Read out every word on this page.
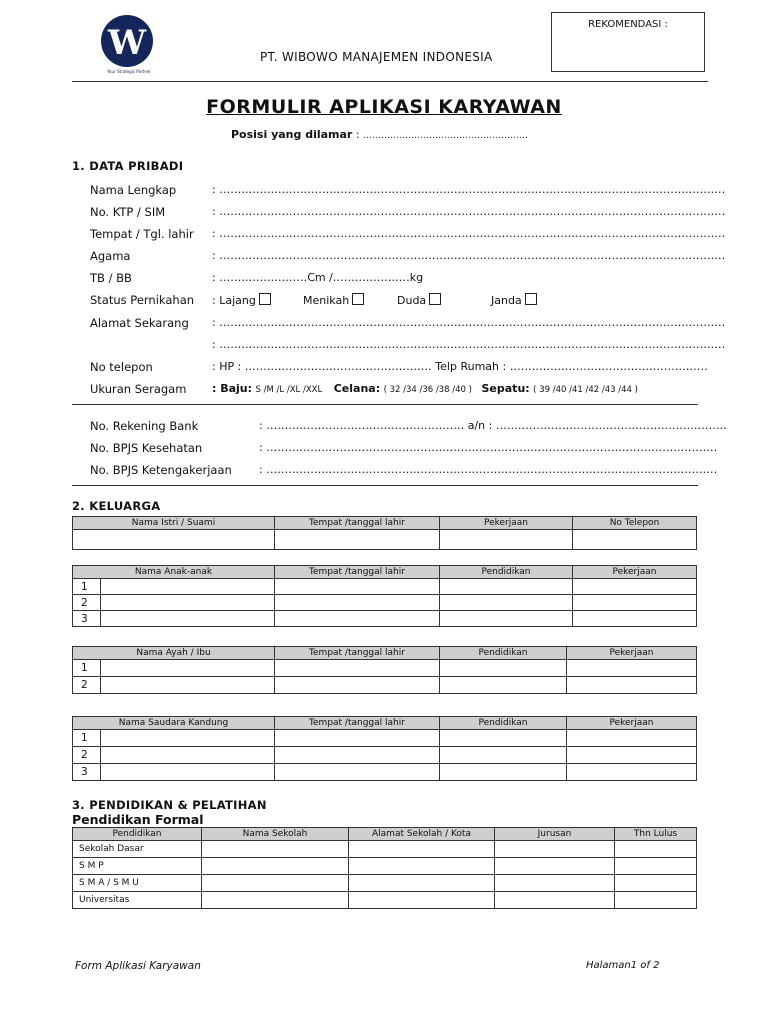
W
Your Strategic Partner
PT. WIBOWO MANAJEMEN INDONESIA
REKOMENDASI :
FORMULIR APLIKASI KARYAWAN
Posisi yang dilamar : ……………………………………………….
1. DATA PRIBADI
Nama Lengkap	: …………………………………………………………………………………………………………………………
No. KTP / SIM	: …………………………………………………………………………………………………………………………
Tempat / Tgl. lahir : …………………………………………………………………………………………………………………………
Agama	: …………………………………………………………………………………………………………………………
TB / BB	: ……………………Cm /…………………kg
Status Pernikahan : Lajang	Menikah	Duda	Janda
Alamat Sekarang : …………………………………………………………………………………………………………………………
: …………………………………………………………………………………………………………………………
No telepon	: HP : …………………………………………… Telp Rumah : ………………………………………………
Ukuran Seragam : Baju: S /M /L /XL /XXL Celana: ( 32 /34 /36 /38 /40 ) Sepatu: ( 39 /40 /41 /42 /43 /44 )
No. Rekening Bank	: ……………………………………………… a/n : ………………………………………………………
No. BPJS Kesehatan	: ……………………………………………………………………………………………………………
No. BPJS Ketengakerjaan : ……………………………………………………………………………………………………………
2. KELUARGA
Nama Istri / Suami	Tempat /tanggal lahir	Pekerjaan	No Telepon

Nama Anak-anak		Tempat /tanggal lahir	Pendidikan	Pekerjaan
1				
2				
3				
Nama Ayah / Ibu		Tempat /tanggal lahir	Pendidikan	Pekerjaan
1				
2				
Nama Saudara Kandung		Tempat /tanggal lahir	Pendidikan	Pekerjaan
1				
2				
3				
3. PENDIDIKAN & PELATIHAN
Pendidikan Formal
Pendidikan	Nama Sekolah	Alamat Sekolah / Kota	Jurusan	Thn Lulus
Sekolah Dasar				
S M P				
S M A / S M U				
Universitas				
Form Aplikasi Karyawan	Halaman1 of 2
